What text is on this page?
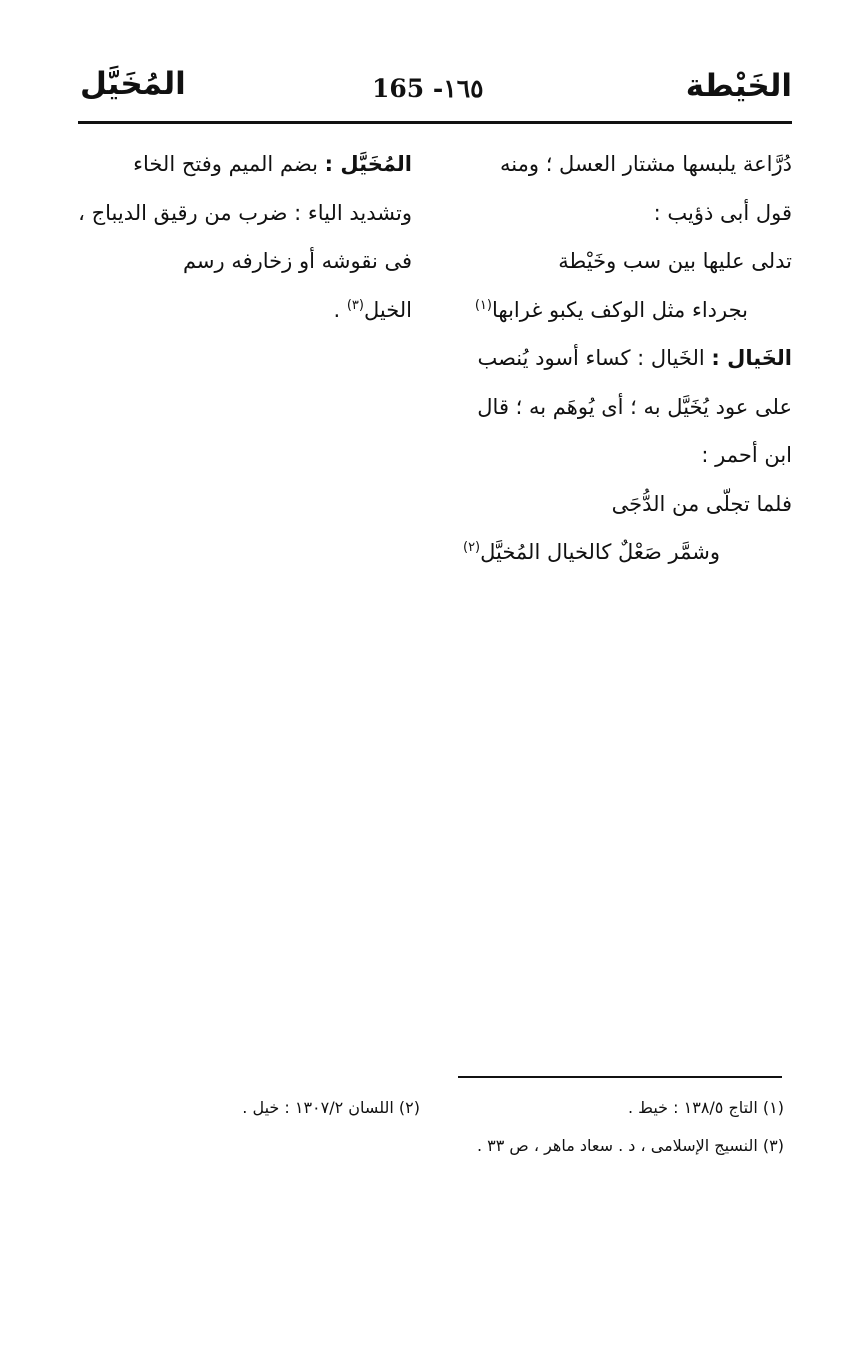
الخَيْطة
165 -١٦٥
المُخَيَّل
دُرَّاعة يلبسها مشتار العسل ؛ ومنه
قول أبى ذؤيب :
تدلى عليها بين سب وخَيْطة
بجرداء مثل الوكف يكبو غرابها$^{(١)}$
الخَيال : الخَيال : كساء أسود يُنصب
على عود يُخَيَّل به ؛ أى يُوهَم به ؛ قال
ابن أحمر :
فلما تجلّى من الدُّجَى
وشمَّر صَعْلٌ كالخيال المُخيَّل$^{(٢)}$
المُخَيَّل : بضم الميم وفتح الخاء
وتشديد الياء : ضرب من رقيق الديباج ،
فى نقوشه أو زخارفه رسم
الخيل$^{(٣)}$ .
(١) التاج ١٣٨/٥ : خيط .
(٢) اللسان ١٣٠٧/٢ : خيل .
(٣) النسيج الإسلامى ، د . سعاد ماهر ، ص ٣٣ .
